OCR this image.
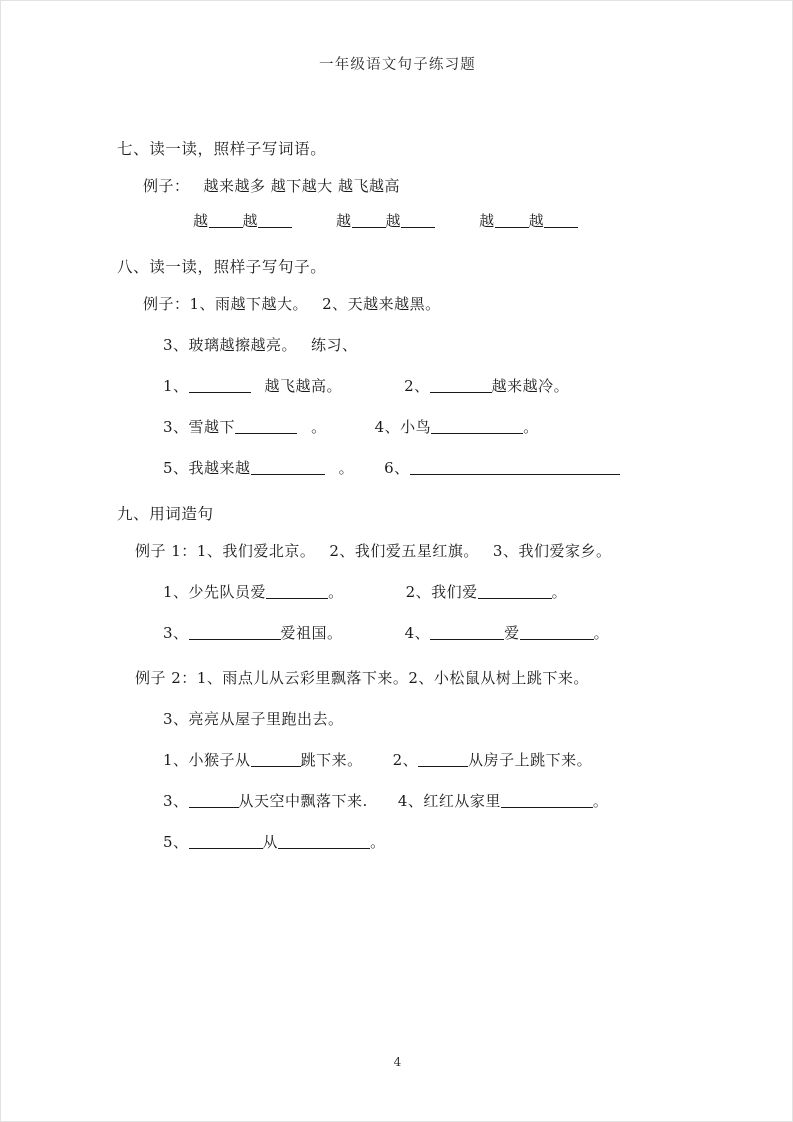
一年级语文句子练习题
七、读一读，照样子写词语。
例子： 越来越多 越下越大 越飞越高
越 越	越 越	越 越
八、读一读，照样子写句子。
例子：1、雨越下越大。 2、天越来越黑。
3、玻璃越擦越亮。 练习、
1、	越飞越高。	2、	越来越冷。
3、雪越下	。	4、小鸟	。
5、我越来越	。 6、
九、用词造句
例子 1：1、我们爱北京。 2、我们爱五星红旗。 3、我们爱家乡。
1、少先队员爱	。	2、我们爱	。
3、	爱祖国。	4、	爱	。
例子 2：1、雨点儿从云彩里飘落下来。2、小松鼠从树上跳下来。
3、亮亮从屋子里跑出去。
1、小猴子从	跳下来。 2、	从房子上跳下来。
3、	从天空中飘落下来. 4、红红从家里	。
5、	从	。
4
